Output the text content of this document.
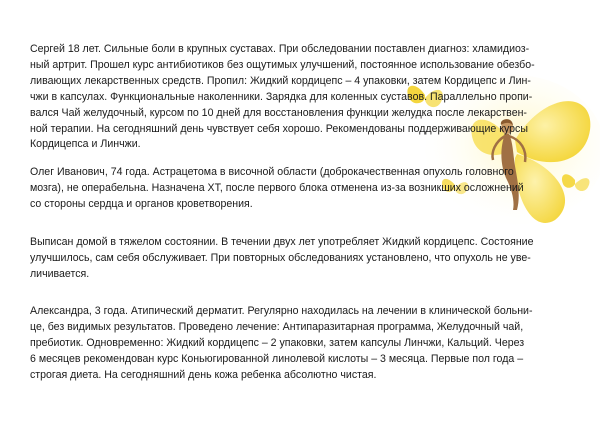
Сергей 18 лет. Сильные боли в крупных суставах. При обследовании поставлен диагноз: хламидиоз-
ный артрит. Прошел курс антибиотиков без ощутимых улучшений, постоянное использование обезбо-
ливающих лекарственных средств. Пропил: Жидкий кордицепс – 4 упаковки, затем Кордицепс и Лин-
чжи в капсулах. Функциональные наколенники. Зарядка для коленных суставов. Параллельно пропи-
вался Чай желудочный, курсом по 10 дней для восстановления функции желудка после лекарствен-
ной терапии. На сегодняшний день чувствует себя хорошо. Рекомендованы поддерживающие курсы
Кордицепса и Линчжи.
Олег Иванович, 74 года. Астрацетома в височной области (доброкачественная опухоль головного
мозга), не операбельна. Назначена ХТ, после первого блока отменена из-за возникших осложнений
со стороны сердца и органов кроветворения.
Выписан домой в тяжелом состоянии. В течении двух лет употребляет Жидкий кордицепс. Состояние
улучшилось, сам себя обслуживает. При повторных обследованиях установлено, что опухоль не уве-
личивается.
Александра, 3 года. Атипический дерматит. Регулярно находилась на лечении в клинической больни-
це, без видимых результатов. Проведено лечение: Антипаразитарная программа, Желудочный чай,
пребиотик. Одновременно: Жидкий кордицепс – 2 упаковки, затем капсулы Линчжи, Кальций. Через
6 месяцев рекомендован курс Коньюгированной линолевой кислоты – 3 месяца. Первые пол года –
строгая диета. На сегодняшний день кожа ребенка абсолютно чистая.
